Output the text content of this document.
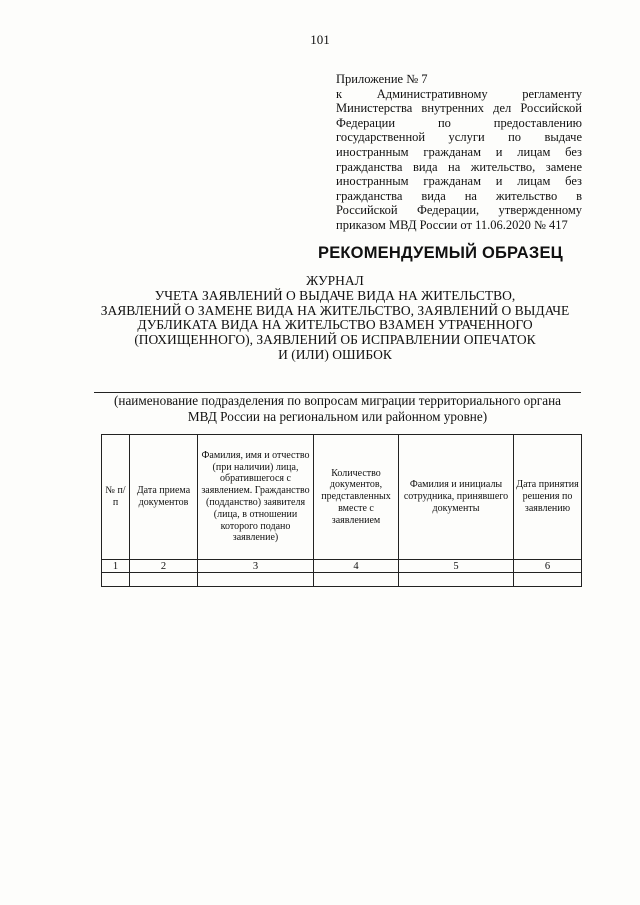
101
Приложение № 7
к Административному регламенту
Министерства внутренних дел Российской
Федерации по предоставлению
государственной услуги по выдаче
иностранным гражданам и лицам без
гражданства вида на жительство, замене
иностранным гражданам и лицам без
гражданства вида на жительство в
Российской Федерации, утвержденному
приказом МВД России от 11.06.2020 № 417
РЕКОМЕНДУЕМЫЙ ОБРАЗЕЦ
ЖУРНАЛ
УЧЕТА ЗАЯВЛЕНИЙ О ВЫДАЧЕ ВИДА НА ЖИТЕЛЬСТВО,
ЗАЯВЛЕНИЙ О ЗАМЕНЕ ВИДА НА ЖИТЕЛЬСТВО, ЗАЯВЛЕНИЙ О ВЫДАЧЕ
ДУБЛИКАТА ВИДА НА ЖИТЕЛЬСТВО ВЗАМЕН УТРАЧЕННОГО
(ПОХИЩЕННОГО), ЗАЯВЛЕНИЙ ОБ ИСПРАВЛЕНИИ ОПЕЧАТОК
И (ИЛИ) ОШИБОК
(наименование подразделения по вопросам миграции территориального органа
МВД России на региональном или районном уровне)
№ п/п	Дата приема документов	Фамилия, имя и отчество (при наличии) лица, обратившегося с заявлением. Гражданство (подданство) заявителя (лица, в отношении которого подано заявление)	Количество документов, представленных вместе с заявлением	Фамилия и инициалы сотрудника, принявшего документы	Дата принятия решения по заявлению
1	2	3	4	5	6
